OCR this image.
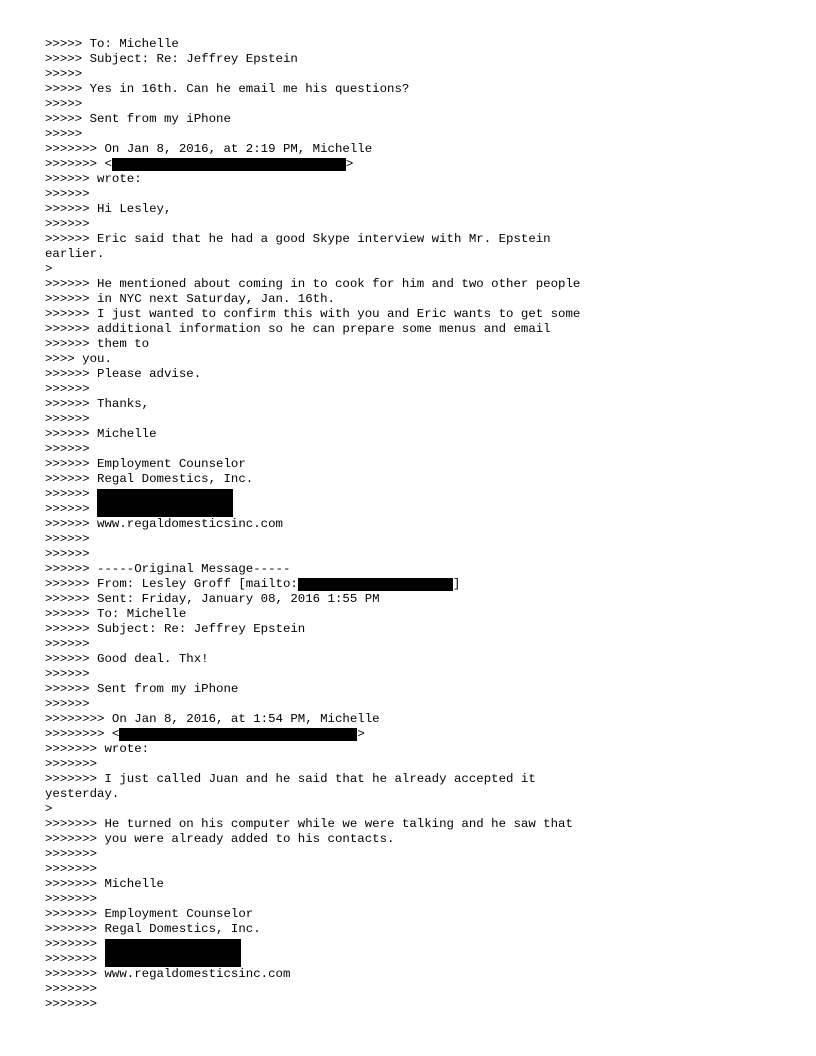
>>>>> To: Michelle
>>>>> Subject: Re: Jeffrey Epstein
>>>>>
>>>>> Yes in 16th. Can he email me his questions?
>>>>>
>>>>> Sent from my iPhone
>>>>>
>>>>>>> On Jan 8, 2016, at 2:19 PM, Michelle
>>>>>>> <	>
>>>>>> wrote:
>>>>>>
>>>>>> Hi Lesley,
>>>>>>
>>>>>> Eric said that he had a good Skype interview with Mr. Epstein
earlier.
>
>>>>>> He mentioned about coming in to cook for him and two other people
>>>>>> in NYC next Saturday, Jan. 16th.
>>>>>> I just wanted to confirm this with you and Eric wants to get some
>>>>>> additional information so he can prepare some menus and email
>>>>>> them to
>>>> you.
>>>>>> Please advise.
>>>>>>
>>>>>> Thanks,
>>>>>>
>>>>>> Michelle
>>>>>>
>>>>>> Employment Counselor
>>>>>> Regal Domestics, Inc.
>>>>>>
>>>>>>
>>>>>> www.regaldomesticsinc.com
>>>>>>
>>>>>>
>>>>>> -----Original Message-----
>>>>>> From: Lesley Groff [mailto:	]
>>>>>> Sent: Friday, January 08, 2016 1:55 PM
>>>>>> To: Michelle
>>>>>> Subject: Re: Jeffrey Epstein
>>>>>>
>>>>>> Good deal. Thx!
>>>>>>
>>>>>> Sent from my iPhone
>>>>>>
>>>>>>>> On Jan 8, 2016, at 1:54 PM, Michelle
>>>>>>>> <	>
>>>>>>> wrote:
>>>>>>>
>>>>>>> I just called Juan and he said that he already accepted it
yesterday.
>
>>>>>>> He turned on his computer while we were talking and he saw that
>>>>>>> you were already added to his contacts.
>>>>>>>
>>>>>>>
>>>>>>> Michelle
>>>>>>>
>>>>>>> Employment Counselor
>>>>>>> Regal Domestics, Inc.
>>>>>>>
>>>>>>>
>>>>>>> www.regaldomesticsinc.com
>>>>>>>
>>>>>>>
